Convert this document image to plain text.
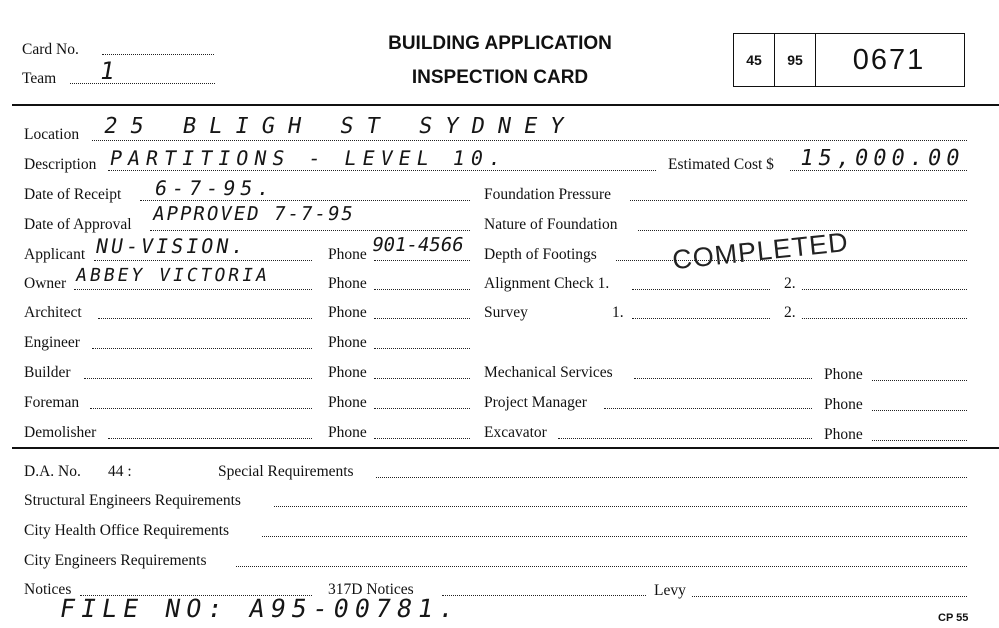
Card No.
Team 1
BUILDING APPLICATION
INSPECTION CARD
45	95	0671
Location 25 BLIGH ST SYDNEY
Description PARTITIONS - LEVEL 10.	Estimated Cost $ 15,000.00
Date of Receipt 6-7-95.	Foundation Pressure
Date of Approval APPROVED 7-7-95	Nature of Foundation
Applicant NU-VISION.	Phone 901-4566 Depth of Footings	COMPLETED
Owner ABBEY VICTORIA	Phone	Alignment Check 1.	2.
Architect	Phone	Survey	1.	2.
Engineer	Phone
Builder	Phone	Mechanical Services	Phone
Foreman	Phone	Project Manager	Phone
Demolisher	Phone	Excavator	Phone
D.A. No. 44 :	Special Requirements
Structural Engineers Requirements
City Health Office Requirements
City Engineers Requirements
Notices	317D Notices	Levy
FILE NO: A95-00781.	CP 55
